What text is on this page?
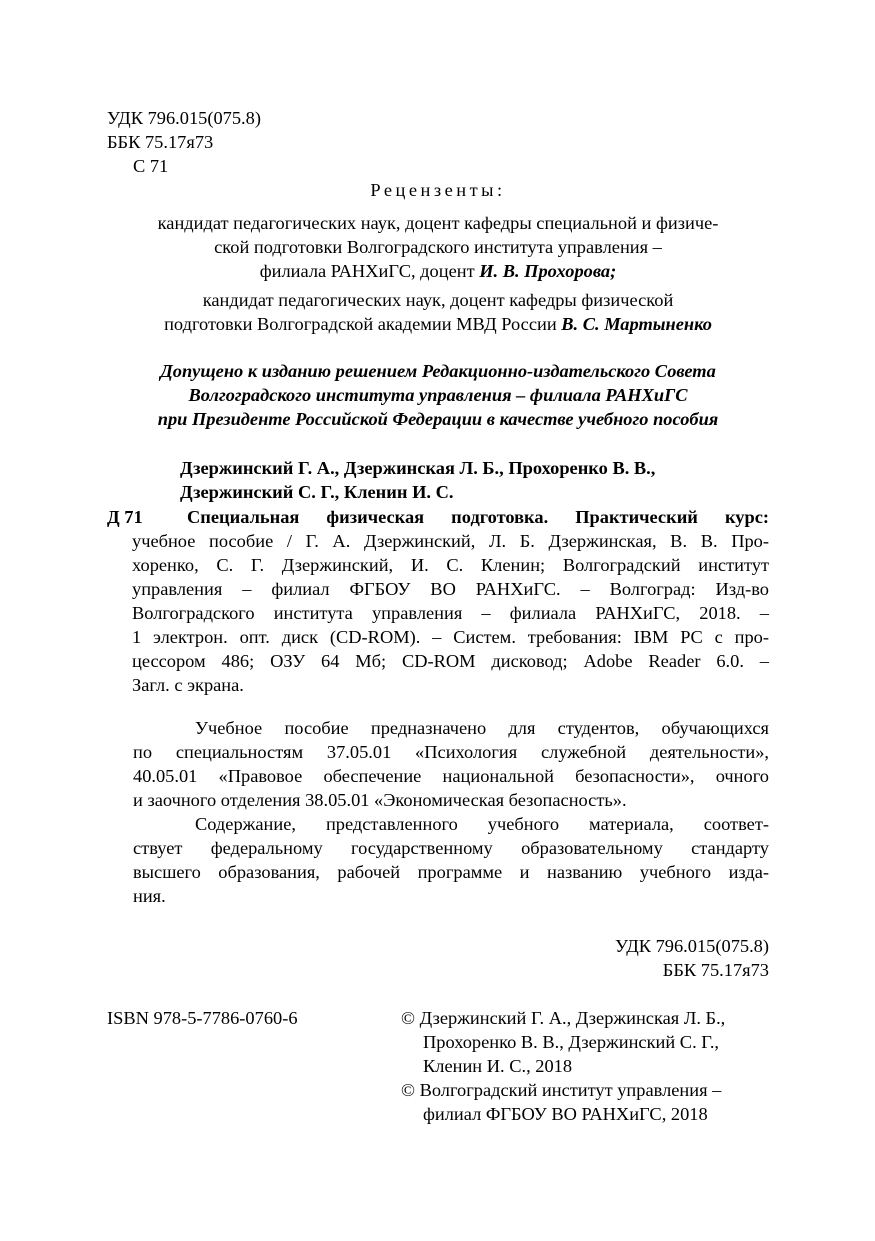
УДК 796.015(075.8)
ББК 75.17я73
С 71
Рецензенты:
кандидат педагогических наук, доцент кафедры специальной и физиче-
ской подготовки Волгоградского института управления –
филиала РАНХиГС, доцент И. В. Прохорова;
кандидат педагогических наук, доцент кафедры физической
подготовки Волгоградской академии МВД России В. С. Мартыненко
Допущено к изданию решением Редакционно-издательского Совета
Волгоградского института управления – филиала РАНХиГС
при Президенте Российской Федерации в качестве учебного пособия
Дзержинский Г. А., Дзержинская Л. Б., Прохоренко В. В.,
Дзержинский С. Г., Кленин И. С.
Д 71 Специальная физическая подготовка. Практический курс:
учебное пособие / Г. А. Дзержинский, Л. Б. Дзержинская, В. В. Про-
хоренко, С. Г. Дзержинский, И. С. Кленин; Волгоградский институт
управления – филиал ФГБОУ ВО РАНХиГС. – Волгоград: Изд-во
Волгоградского института управления – филиала РАНХиГС, 2018. –
1 электрон. опт. диск (CD-ROM). – Систем. требования: IBM PC с про-
цессором 486; ОЗУ 64 Мб; CD-ROM дисковод; Adobe Reader 6.0. –
Загл. с экрана.
Учебное пособие предназначено для студентов, обучающихся
по специальностям 37.05.01 «Психология служебной деятельности»,
40.05.01 «Правовое обеспечение национальной безопасности», очного
и заочного отделения 38.05.01 «Экономическая безопасность».
Содержание, представленного учебного материала, соответ-
ствует федеральному государственному образовательному стандарту
высшего образования, рабочей программе и названию учебного изда-
ния.
УДК 796.015(075.8)
ББК 75.17я73
ISBN 978-5-7786-0760-6	© Дзержинский Г. А., Дзержинская Л. Б.,
Прохоренко В. В., Дзержинский С. Г.,
Кленин И. С., 2018
© Волгоградский институт управления –
филиал ФГБОУ ВО РАНХиГС, 2018
